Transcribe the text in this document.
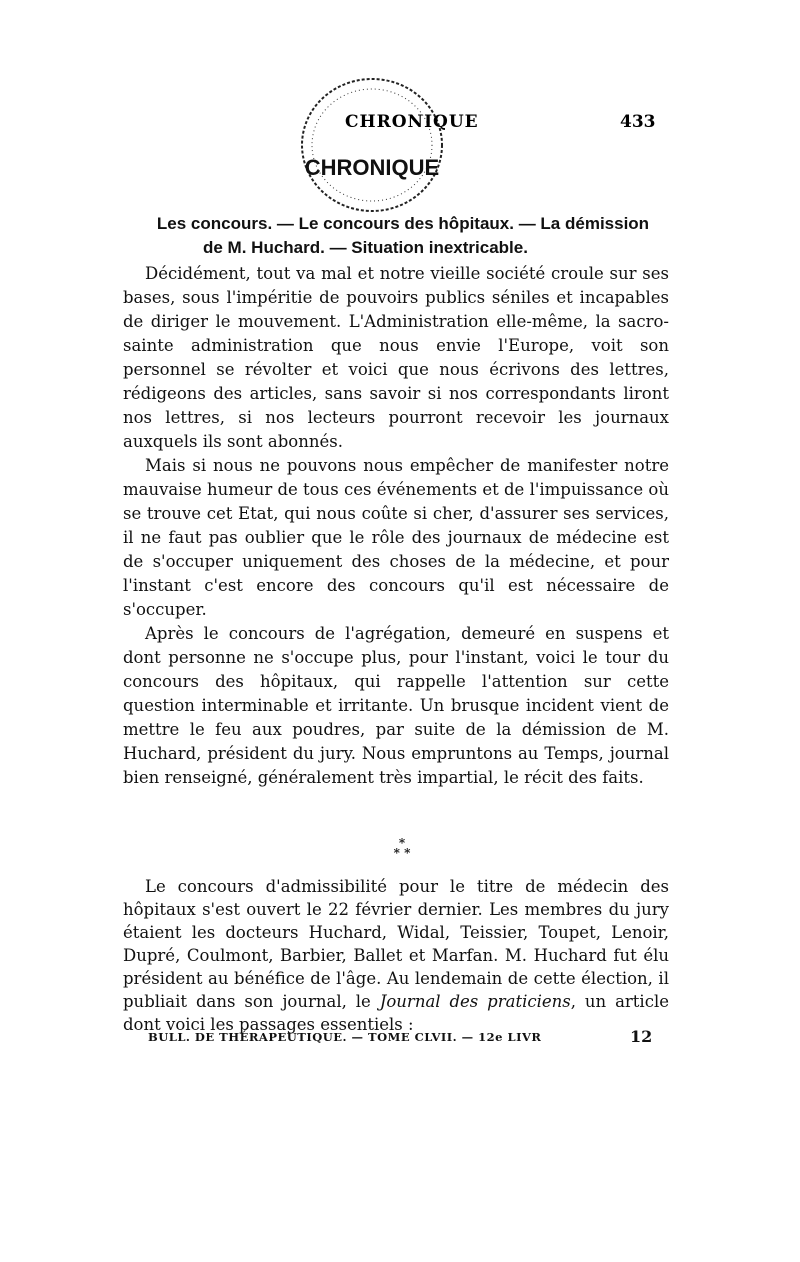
CHRONIQUE
CHRONIQUE	433
Les concours. — Le concours des hôpitaux. — La démission
de M. Huchard. — Situation inextricable.

Décidément, tout va mal et notre vieille société croule sur ses bases, sous l'impéritie de pouvoirs publics séniles et incapables de diriger le mouvement. L'Administration elle-même, la sacro-sainte administration que nous envie l'Europe, voit son personnel se révolter et voici que nous écrivons des lettres, rédigeons des articles, sans savoir si nos correspondants liront nos lettres, si nos lecteurs pourront recevoir les journaux auxquels ils sont abonnés.

Mais si nous ne pouvons nous empêcher de manifester notre mauvaise humeur de tous ces événements et de l'impuissance où se trouve cet Etat, qui nous coûte si cher, d'assurer ses services, il ne faut pas oublier que le rôle des journaux de médecine est de s'occuper uniquement des choses de la médecine, et pour l'instant c'est encore des concours qu'il est nécessaire de s'occuper.

Après le concours de l'agrégation, demeuré en suspens et dont personne ne s'occupe plus, pour l'instant, voici le tour du concours des hôpitaux, qui rappelle l'attention sur cette question interminable et irritante. Un brusque incident vient de mettre le feu aux poudres, par suite de la démission de M. Huchard, président du jury. Nous empruntons au Temps, journal bien renseigné, généralement très impartial, le récit des faits.

*
* *

Le concours d'admissibilité pour le titre de médecin des hôpitaux s'est ouvert le 22 février dernier. Les membres du jury étaient les docteurs Huchard, Widal, Teissier, Toupet, Lenoir, Dupré, Coulmont, Barbier, Ballet et Marfan. M. Huchard fut élu président au bénéfice de l'âge. Au lendemain de cette élection, il publiait dans son journal, le Journal des praticiens, un article dont voici les passages essentiels :

BULL. DE THÉRAPEUTIQUE. — TOME CLVII. — 12e LIVR	12
